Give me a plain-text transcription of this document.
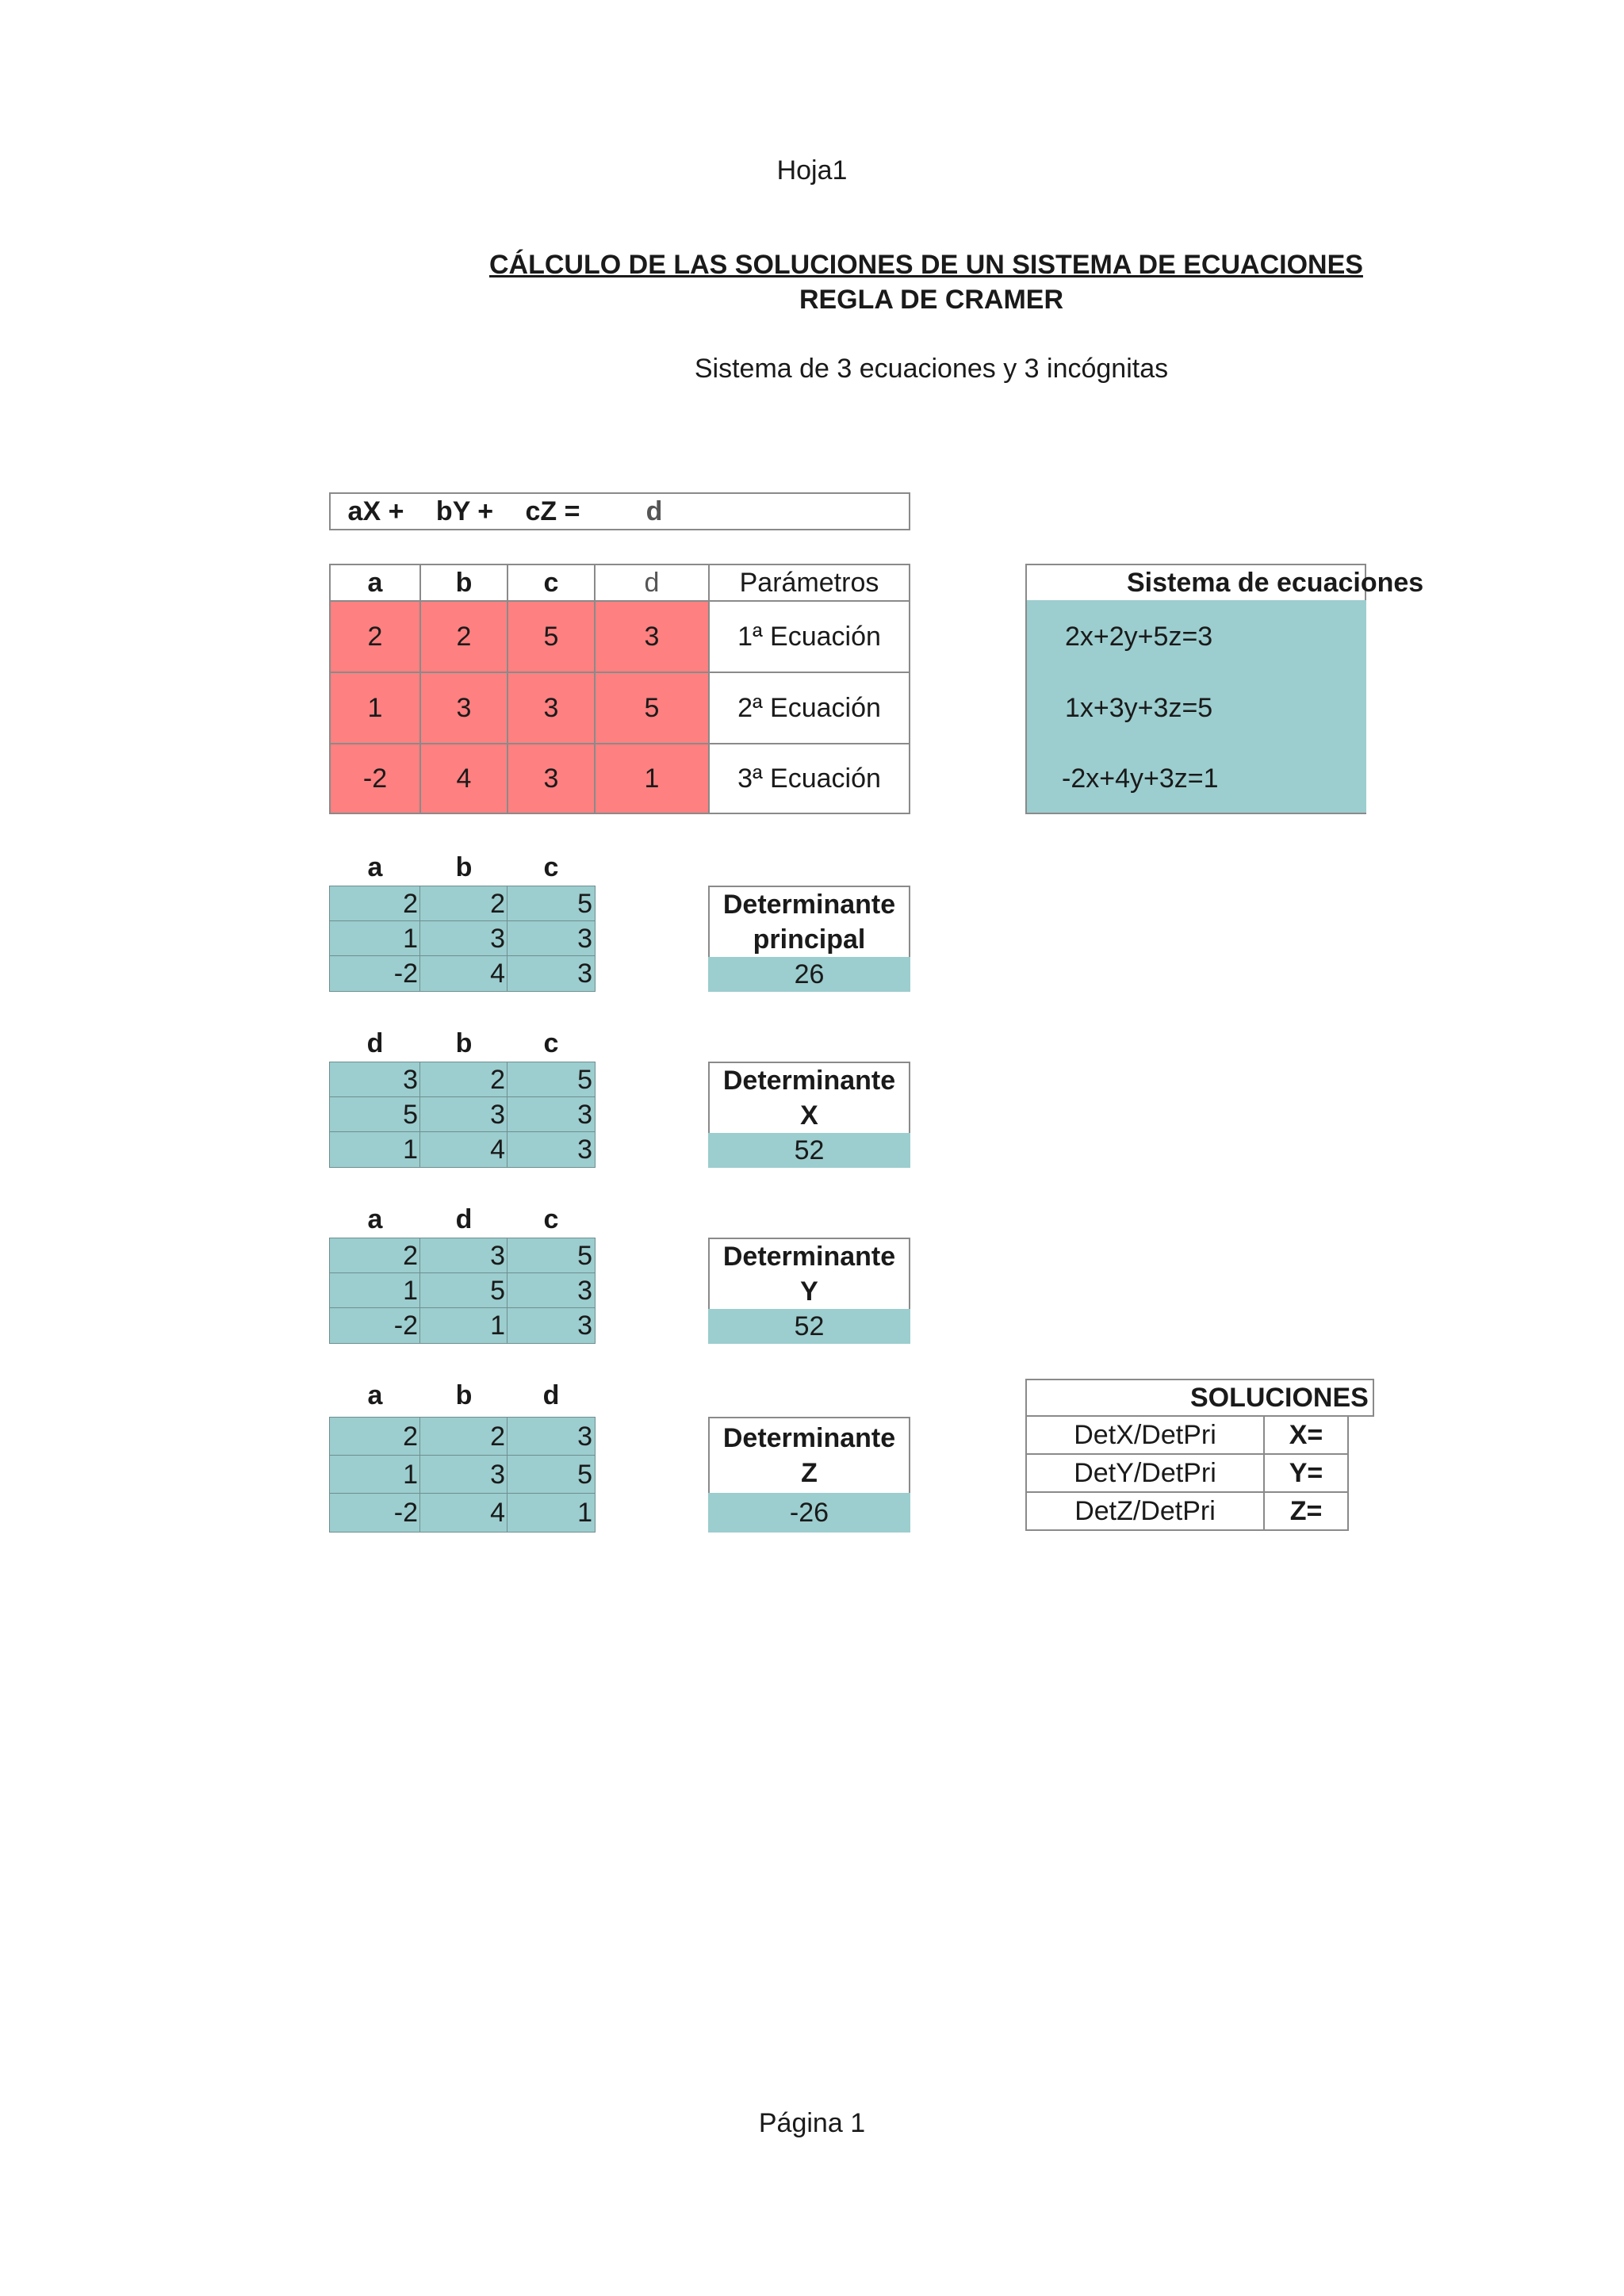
Hoja1
CÁLCULO DE LAS SOLUCIONES DE UN SISTEMA DE ECUACIONES
REGLA DE CRAMER
Sistema de 3 ecuaciones y 3 incógnitas
aX +	bY +	cZ =	d
a	b	c	d	Parámetros
2	2	5	3	1ª Ecuación
1	3	3	5	2ª Ecuación
-2	4	3	1	3ª Ecuación
Sistema de ecuaciones
2x+2y+5z=3
1x+3y+3z=5
-2x+4y+3z=1
a	b	c
2	2	5
1	3	3
-2	4	3
Determinante
principal
26
d	b	c
3	2	5
5	3	3
1	4	3
Determinante
X
52
a	d	c
2	3	5
1	5	3
-2	1	3
Determinante
Y
52
a	b	d
2	2	3
1	3	5
-2	4	1
Determinante
Z
-26
SOLUCIONES
DetX/DetPri	X=
DetY/DetPri	Y=
DetZ/DetPri	Z=
Página 1
